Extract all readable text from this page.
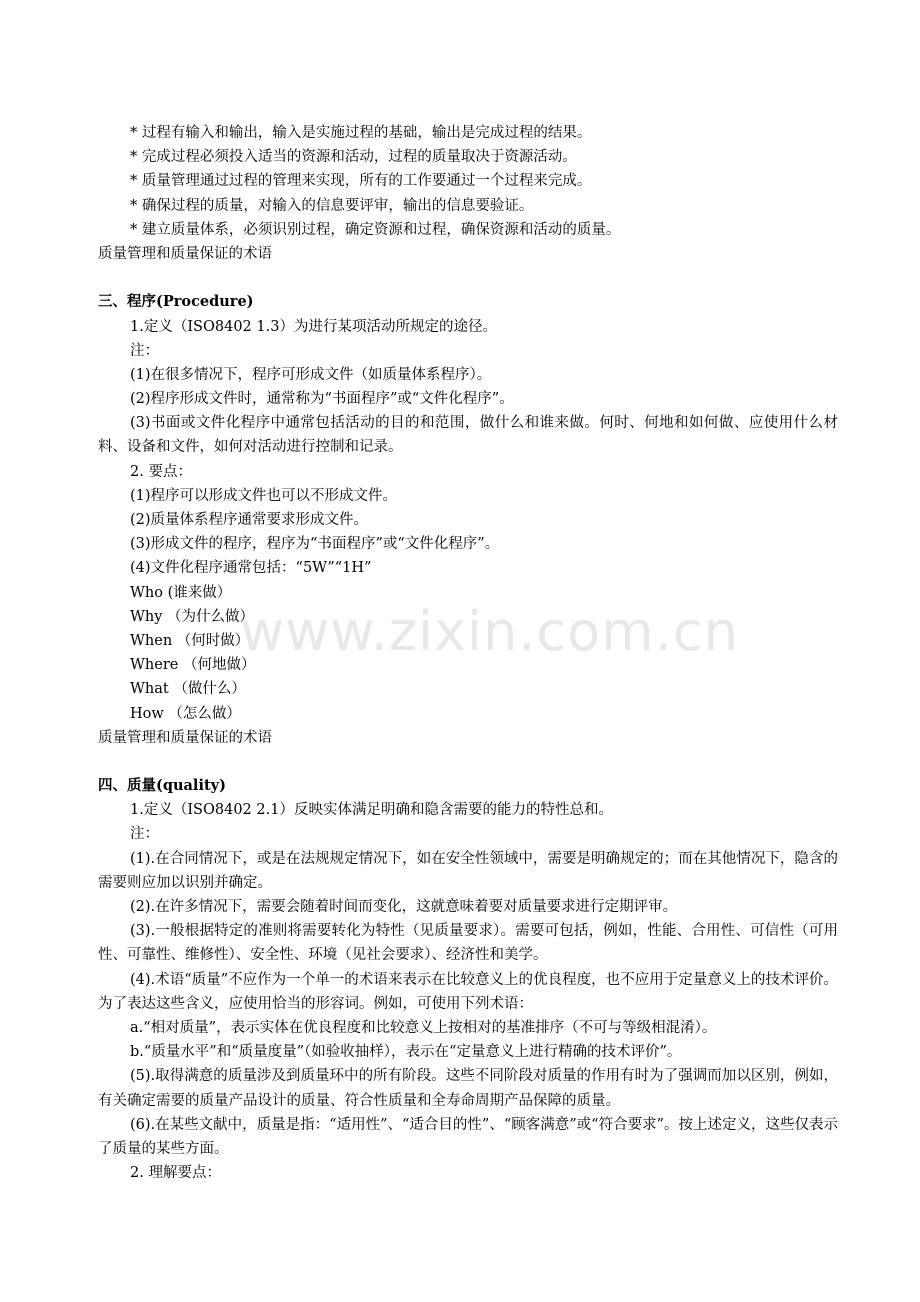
www.zixin.com.cn
* 过程有输入和输出，输入是实施过程的基础，输出是完成过程的结果。
* 完成过程必须投入适当的资源和活动，过程的质量取决于资源活动。
* 质量管理通过过程的管理来实现，所有的工作要通过一个过程来完成。
* 确保过程的质量，对输入的信息要评审，输出的信息要验证。
* 建立质量体系，必须识别过程，确定资源和过程，确保资源和活动的质量。
质量管理和质量保证的术语
三、程序(Procedure)
1.定义（ISO8402 1.3）为进行某项活动所规定的途径。
注：
(1)在很多情况下，程序可形成文件（如质量体系程序）。
(2)程序形成文件时，通常称为“书面程序”或“文件化程序”。
(3)书面或文件化程序中通常包括活动的目的和范围，做什么和谁来做。何时、何地和如何做、应使用什么材料、设备和文件，如何对活动进行控制和记录。
2. 要点：
(1)程序可以形成文件也可以不形成文件。
(2)质量体系程序通常要求形成文件。
(3)形成文件的程序，程序为“书面程序”或“文件化程序”。
(4)文件化程序通常包括：“5W”“1H”
Who (谁来做）
Why （为什么做）
When （何时做）
Where （何地做）
What （做什么）
How （怎么做）
质量管理和质量保证的术语
四、质量(quality)
1.定义（ISO8402 2.1）反映实体满足明确和隐含需要的能力的特性总和。
注：
(1).在合同情况下，或是在法规规定情况下，如在安全性领域中，需要是明确规定的；而在其他情况下，隐含的需要则应加以识别并确定。
(2).在许多情况下，需要会随着时间而变化，这就意味着要对质量要求进行定期评审。
(3).一般根据特定的准则将需要转化为特性（见质量要求）。需要可包括，例如，性能、合用性、可信性（可用性、可靠性、维修性）、安全性、环境（见社会要求）、经济性和美学。
(4).术语“质量”不应作为一个单一的术语来表示在比较意义上的优良程度，也不应用于定量意义上的技术评价。为了表达这些含义，应使用恰当的形容词。例如，可使用下列术语：
a.“相对质量”，表示实体在优良程度和比较意义上按相对的基准排序（不可与等级相混淆）。
b.“质量水平”和“质量度量”（如验收抽样），表示在“定量意义上进行精确的技术评价”。
(5).取得满意的质量涉及到质量环中的所有阶段。这些不同阶段对质量的作用有时为了强调而加以区别，例如，有关确定需要的质量产品设计的质量、符合性质量和全寿命周期产品保障的质量。
(6).在某些文献中，质量是指：“适用性”、“适合目的性”、“顾客满意”或“符合要求”。按上述定义，这些仅表示了质量的某些方面。
2. 理解要点：
